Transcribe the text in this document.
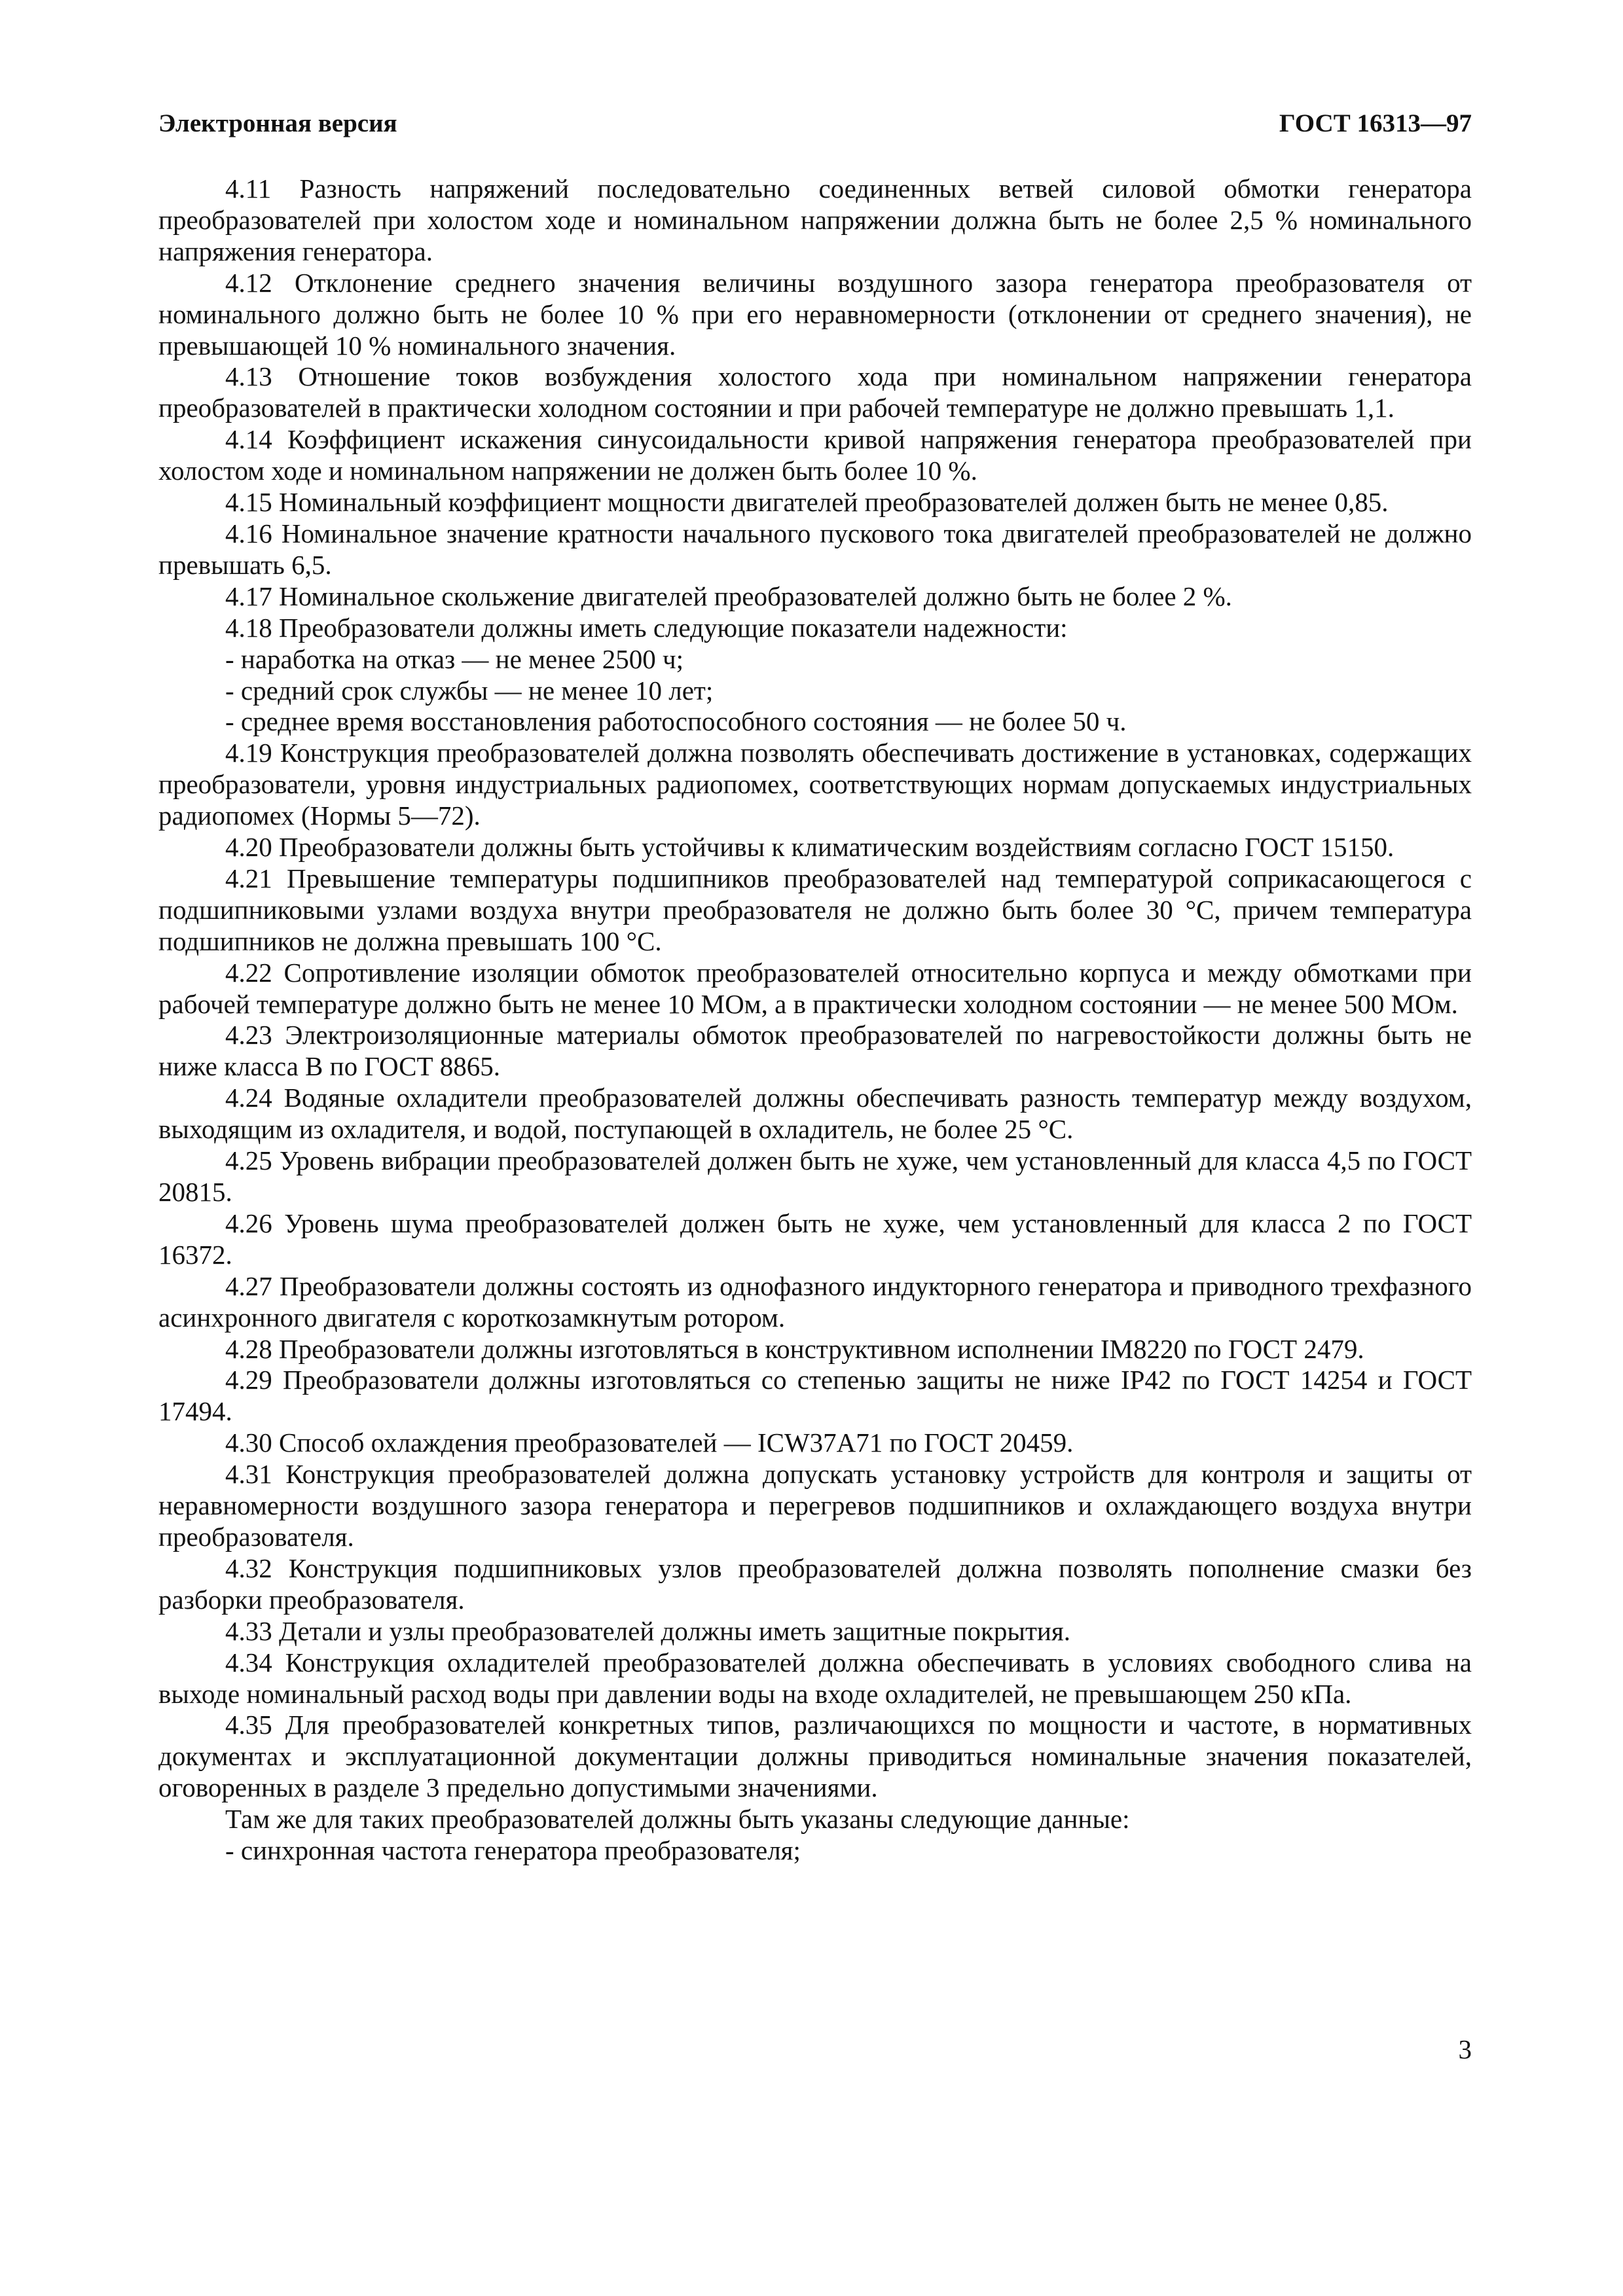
Электронная версия	ГОСТ 16313—97

4.11 Разность напряжений последовательно соединенных ветвей силовой обмотки генератора преобразователей при холостом ходе и номинальном напряжении должна быть не более 2,5 % номинального напряжения генератора.

4.12 Отклонение среднего значения величины воздушного зазора генератора преобразователя от номинального должно быть не более 10 % при его неравномерности (отклонении от среднего значения), не превышающей 10 % номинального значения.

4.13 Отношение токов возбуждения холостого хода при номинальном напряжении генератора преобразователей в практически холодном состоянии и при рабочей температуре не должно превышать 1,1.

4.14 Коэффициент искажения синусоидальности кривой напряжения генератора преобразователей при холостом ходе и номинальном напряжении не должен быть более 10 %.

4.15 Номинальный коэффициент мощности двигателей преобразователей должен быть не менее 0,85.

4.16 Номинальное значение кратности начального пускового тока двигателей преобразователей не должно превышать 6,5.

4.17 Номинальное скольжение двигателей преобразователей должно быть не более 2 %.

4.18 Преобразователи должны иметь следующие показатели надежности:

- наработка на отказ — не менее 2500 ч;

- средний срок службы — не менее 10 лет;

- среднее время восстановления работоспособного состояния — не более 50 ч.

4.19 Конструкция преобразователей должна позволять обеспечивать достижение в установках, содержащих преобразователи, уровня индустриальных радиопомех, соответствующих нормам допускаемых индустриальных радиопомех (Нормы 5—72).

4.20 Преобразователи должны быть устойчивы к климатическим воздействиям согласно ГОСТ 15150.

4.21 Превышение температуры подшипников преобразователей над температурой соприкасающегося с подшипниковыми узлами воздуха внутри преобразователя не должно быть более 30 °С, причем температура подшипников не должна превышать 100 °С.

4.22 Сопротивление изоляции обмоток преобразователей относительно корпуса и между обмотками при рабочей температуре должно быть не менее 10 МОм, а в практически холодном состоянии — не менее 500 МОм.

4.23 Электроизоляционные материалы обмоток преобразователей по нагревостойкости должны быть не ниже класса В по ГОСТ 8865.

4.24 Водяные охладители преобразователей должны обеспечивать разность температур между воздухом, выходящим из охладителя, и водой, поступающей в охладитель, не более 25 °С.

4.25 Уровень вибрации преобразователей должен быть не хуже, чем установленный для класса 4,5 по ГОСТ 20815.

4.26 Уровень шума преобразователей должен быть не хуже, чем установленный для класса 2 по ГОСТ 16372.

4.27 Преобразователи должны состоять из однофазного индукторного генератора и приводного трехфазного асинхронного двигателя с короткозамкнутым ротором.

4.28 Преобразователи должны изготовляться в конструктивном исполнении IM8220 по ГОСТ 2479.

4.29 Преобразователи должны изготовляться со степенью защиты не ниже IP42 по ГОСТ 14254 и ГОСТ 17494.

4.30 Способ охлаждения преобразователей — ICW37A71 по ГОСТ 20459.

4.31 Конструкция преобразователей должна допускать установку устройств для контроля и защиты от неравномерности воздушного зазора генератора и перегревов подшипников и охлаждающего воздуха внутри преобразователя.

4.32 Конструкция подшипниковых узлов преобразователей должна позволять пополнение смазки без разборки преобразователя.

4.33 Детали и узлы преобразователей должны иметь защитные покрытия.

4.34 Конструкция охладителей преобразователей должна обеспечивать в условиях свободного слива на выходе номинальный расход воды при давлении воды на входе охладителей, не превышающем 250 кПа.

4.35 Для преобразователей конкретных типов, различающихся по мощности и частоте, в нормативных документах и эксплуатационной документации должны приводиться номинальные значения показателей, оговоренных в разделе 3 предельно допустимыми значениями.

Там же для таких преобразователей должны быть указаны следующие данные:

- синхронная частота генератора преобразователя;

3
